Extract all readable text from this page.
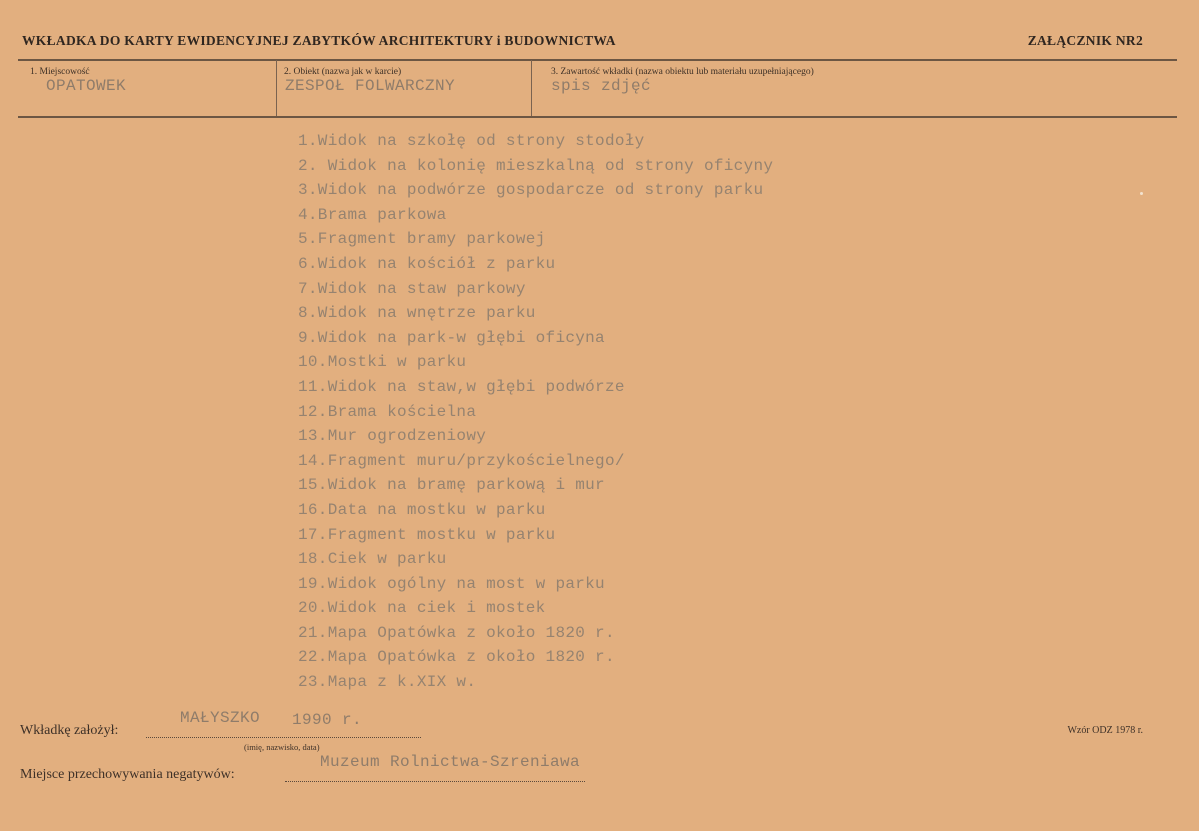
WKŁADKA DO KARTY EWIDENCYJNEJ ZABYTKÓW ARCHITEKTURY i BUDOWNICTWA	ZAŁĄCZNIK NR2
1. Miejscowość
OPATOWEK
2. Obiekt (nazwa jak w karcie)
ZESPOŁ FOLWARCZNY
3. Zawartość wkładki (nazwa obiektu lub materiału uzupełniającego)
spis zdjęć
1.Widok na szkołę od strony stodoły
2. Widok na kolonię mieszkalną od strony oficyny
3.Widok na podwórze gospodarcze od strony parku
4.Brama parkowa
5.Fragment bramy parkowej
6.Widok na kościół z parku
7.Widok na staw parkowy
8.Widok na wnętrze parku
9.Widok na park-w głębi oficyna
10.Mostki w parku
11.Widok na staw,w głębi podwórze
12.Brama kościelna
13.Mur ogrodzeniowy
14.Fragment muru/przykościelnego/
15.Widok na bramę parkową i mur
16.Data na mostku w parku
17.Fragment mostku w parku
18.Ciek w parku
19.Widok ogólny na most w parku
20.Widok na ciek i mostek
21.Mapa Opatówka z około 1820 r.
22.Mapa Opatówka z około 1820 r.
23.Mapa z k.XIX w.
Wkładkę założył:
MAŁYSZKO 1990 r.
(imię, nazwisko, data)
Wzór ODZ 1978 r.
Miejsce przechowywania negatywów:
Muzeum Rolnictwa-Szreniawa
